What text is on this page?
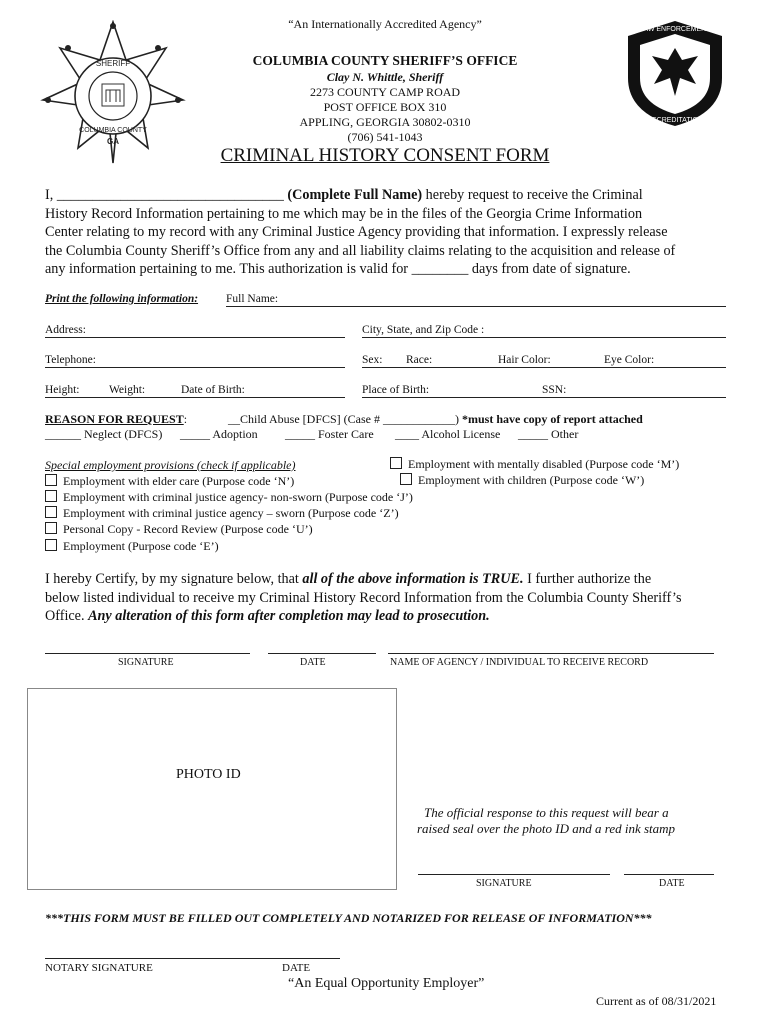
SHERIFF
COLUMBIA COUNTY
GA
LAW ENFORCEMENT
ACCREDITATION
“An Internationally Accredited Agency”
COLUMBIA COUNTY SHERIFF’S OFFICE
Clay N. Whittle, Sheriff
2273 COUNTY CAMP ROAD
POST OFFICE BOX 310
APPLING, GEORGIA 30802-0310
(706) 541-1043
CRIMINAL HISTORY CONSENT FORM
I, ________________________________ (Complete Full Name) hereby request to receive the Criminal
History Record Information pertaining to me which may be in the files of the Georgia Crime Information
Center relating to my record with any Criminal Justice Agency providing that information. I expressly release
the Columbia County Sheriff’s Office from any and all liability claims relating to the acquisition and release of
any information pertaining to me. This authorization is valid for ________ days from date of signature.
Print the following information: Full Name:
Address:	City, State, and Zip Code :
Telephone:	Sex: Race:	Hair Color:	Eye Color:
Height:	Weight:	Date of Birth:	Place of Birth:	SSN:
REASON FOR REQUEST:	__Child Abuse [DFCS] (Case # ____________) *must have copy of report attached
______ Neglect (DFCS) _____ Adoption _____ Foster Care ____ Alcohol License _____ Other
Special employment provisions (check if applicable)	Employment with mentally disabled (Purpose code ‘M’)
Employment with children (Purpose code ‘W’)
Employment with elder care (Purpose code ‘N’)
Employment with criminal justice agency- non-sworn (Purpose code ‘J’)
Employment with criminal justice agency – sworn (Purpose code ‘Z’)
Personal Copy - Record Review (Purpose code ‘U’)
Employment (Purpose code ‘E’)
I hereby Certify, by my signature below, that all of the above information is TRUE. I further authorize the
below listed individual to receive my Criminal History Record Information from the Columbia County Sheriff’s
Office. Any alteration of this form after completion may lead to prosecution.
SIGNATURE	DATE	NAME OF AGENCY / INDIVIDUAL TO RECEIVE RECORD
PHOTO ID
The official response to this request will bear a
raised seal over the photo ID and a red ink stamp
SIGNATURE	DATE
***THIS FORM MUST BE FILLED OUT COMPLETELY AND NOTARIZED FOR RELEASE OF INFORMATION***
NOTARY SIGNATURE	DATE
“An Equal Opportunity Employer”
Current as of 08/31/2021
